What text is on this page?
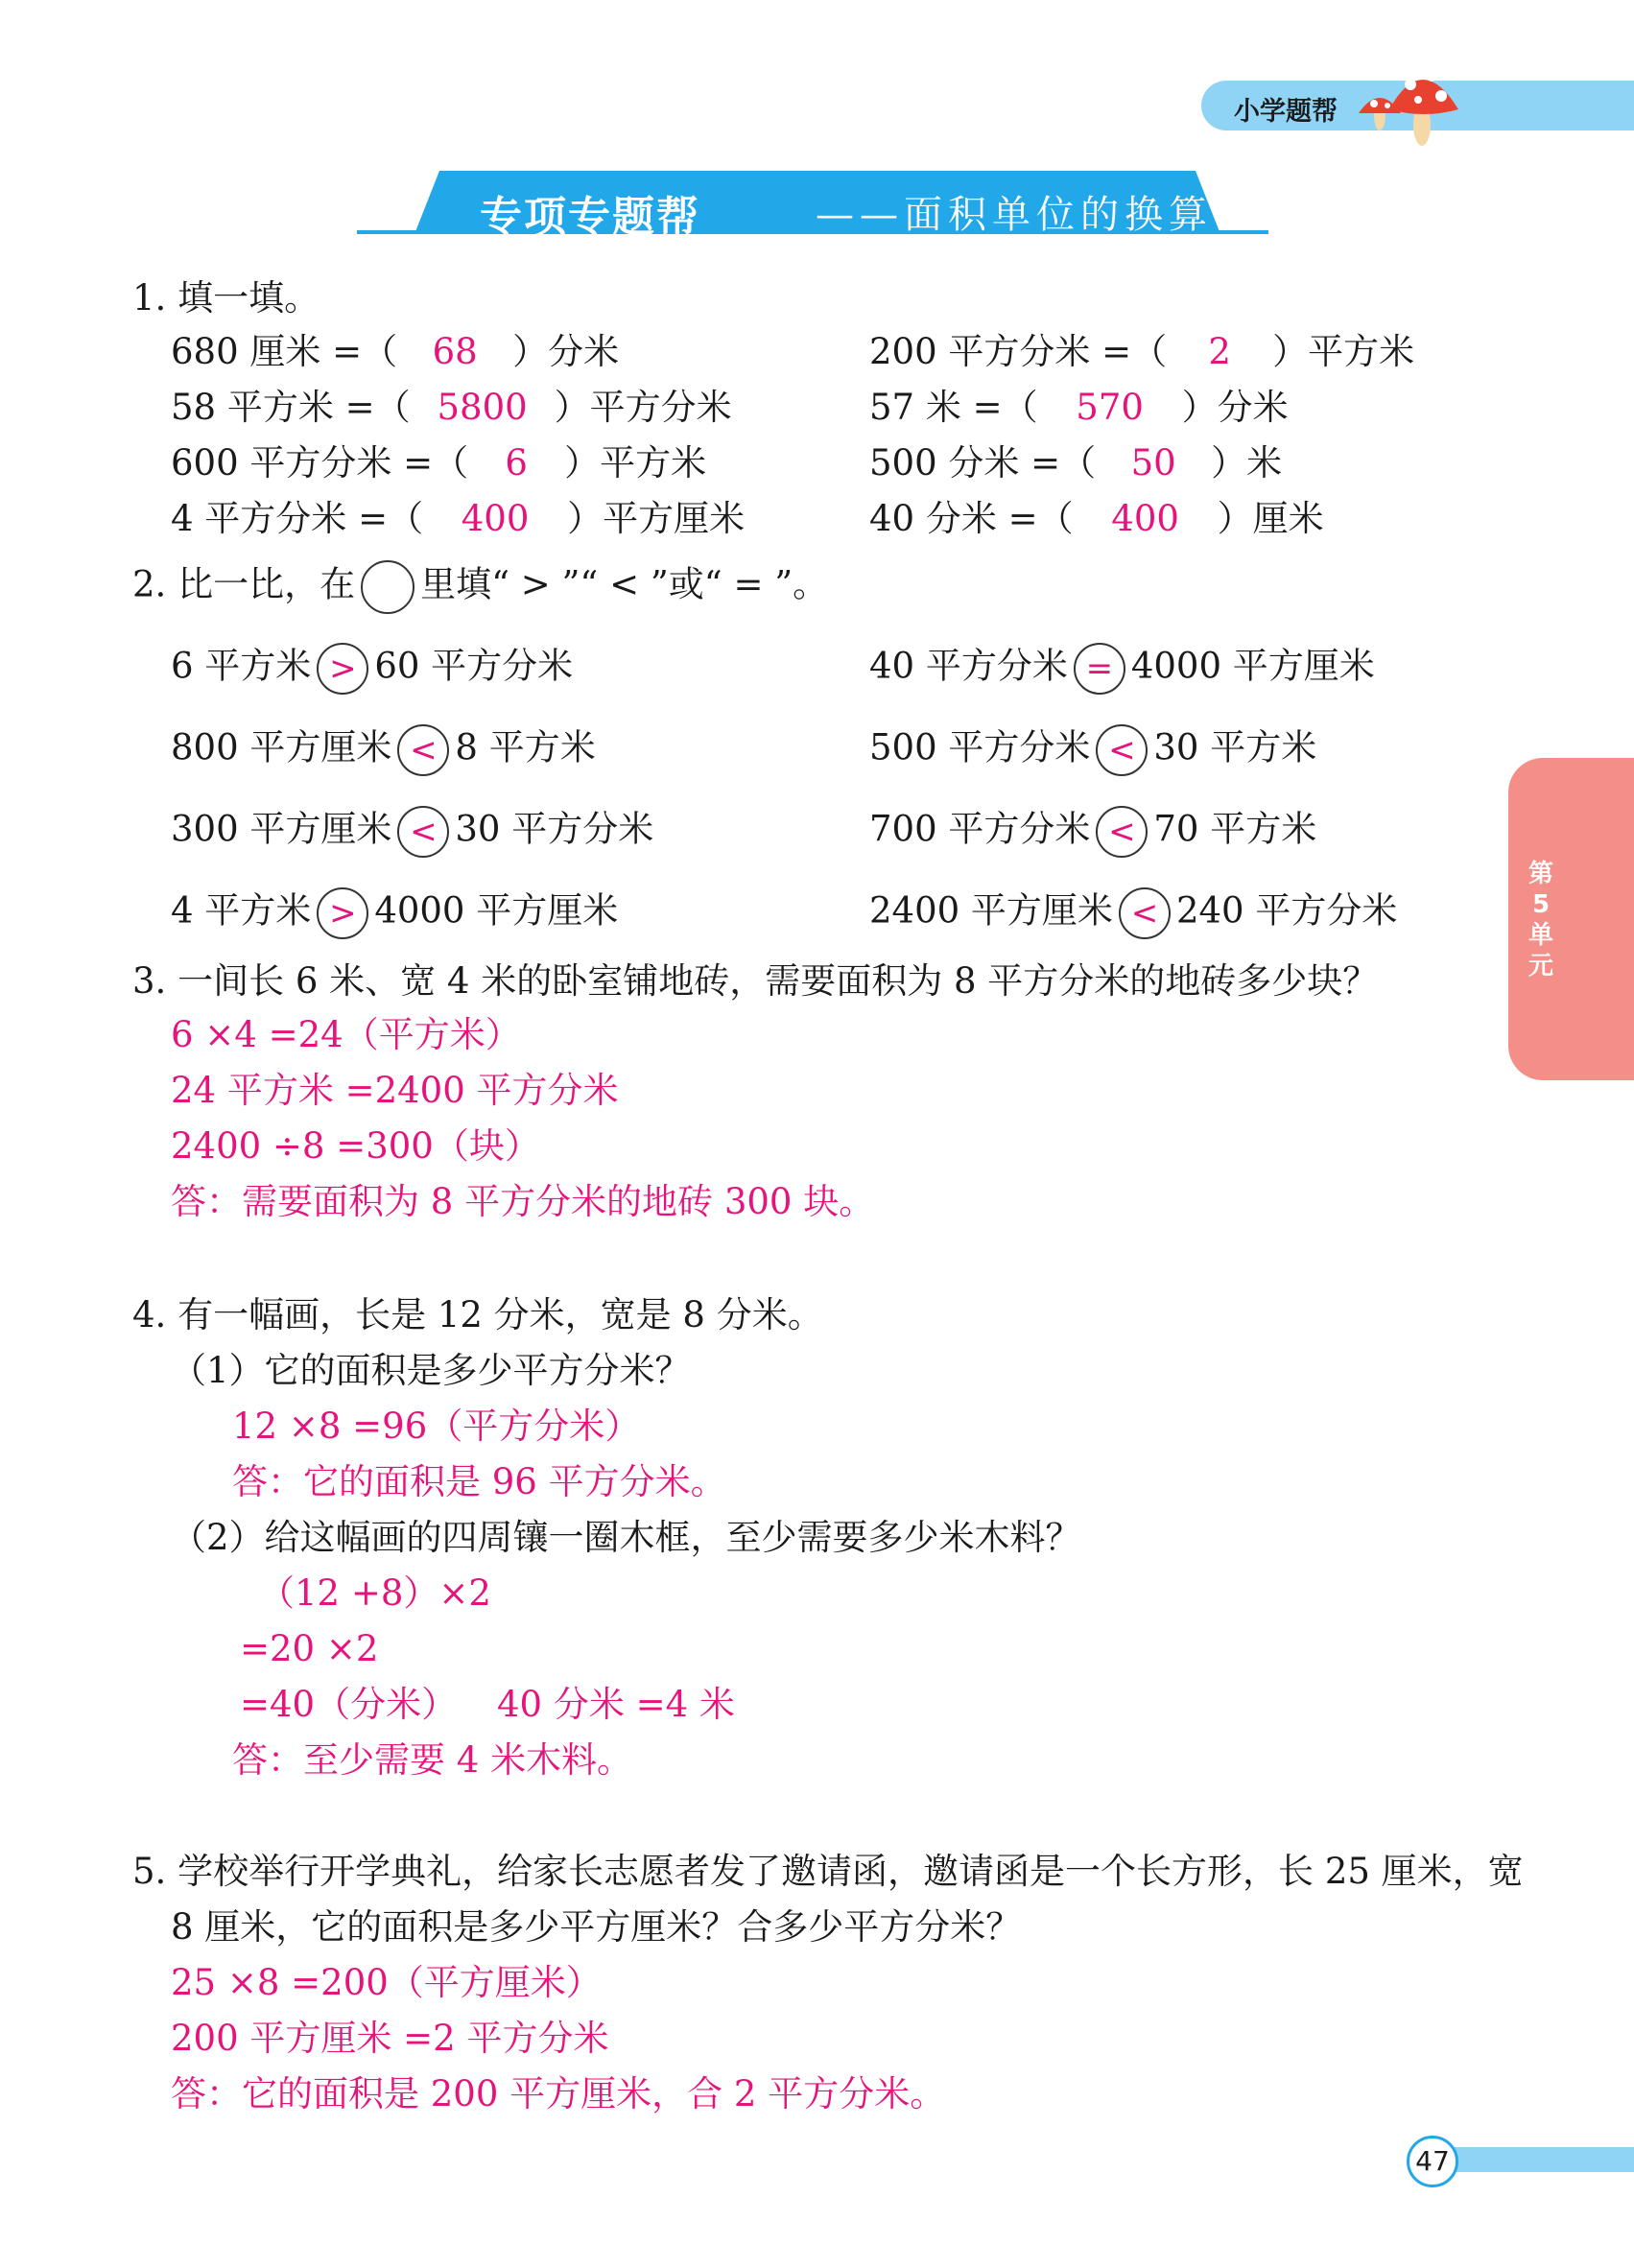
小学题帮
专项专题帮	——面积单位的换算
第5单元
1. 填一填。
680 厘米 =（ 68 ）分米
58 平方米 =（ 5800 ）平方分米
600 平方分米 =（ 6 ）平方米
4 平方分米 =（ 400 ）平方厘米
200 平方分米 =（ 2 ）平方米
57 米 =（ 570 ）分米
500 分米 =（ 50 ）米
40 分米 =（ 400 ）厘米
2. 比一比，在 里填“ > ”“ < ”或“ = ”。
6 平方米 > 60 平方分米
800 平方厘米 < 8 平方米
300 平方厘米 < 30 平方分米
4 平方米 > 4000 平方厘米
40 平方分米 = 4000 平方厘米
500 平方分米 < 30 平方米
700 平方分米 < 70 平方米
2400 平方厘米 < 240 平方分米
3. 一间长 6 米、宽 4 米的卧室铺地砖，需要面积为 8 平方分米的地砖多少块？
6 ×4 =24（平方米）
24 平方米 =2400 平方分米
2400 ÷8 =300（块）
答：需要面积为 8 平方分米的地砖 300 块。
4. 有一幅画，长是 12 分米，宽是 8 分米。
（1）它的面积是多少平方分米？
12 ×8 =96（平方分米）
答：它的面积是 96 平方分米。
（2）给这幅画的四周镶一圈木框，至少需要多少米木料？
（12 +8）×2
=20 ×2
=40（分米） 40 分米 =4 米
答：至少需要 4 米木料。
5. 学校举行开学典礼，给家长志愿者发了邀请函，邀请函是一个长方形，长 25 厘米，宽
8 厘米，它的面积是多少平方厘米？合多少平方分米？
25 ×8 =200（平方厘米）
200 平方厘米 =2 平方分米
答：它的面积是 200 平方厘米，合 2 平方分米。
47
